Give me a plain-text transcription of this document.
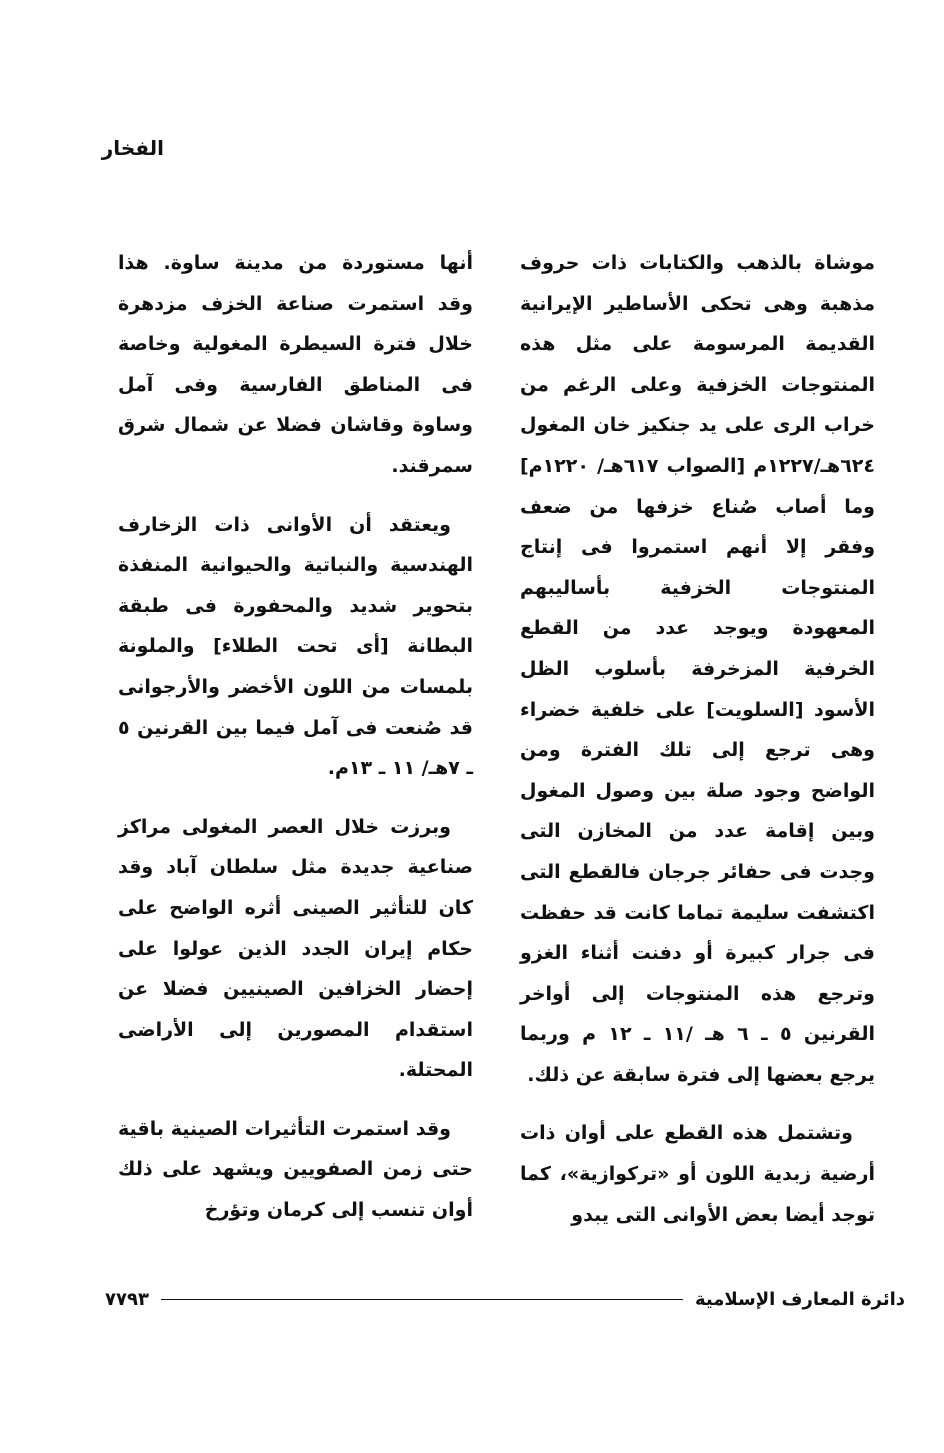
الفخار

موشاة بالذهب والكتابات ذات حروف مذهبة وهى تحكى الأساطير الإيرانية القديمة المرسومة على مثل هذه المنتوجات الخزفية وعلى الرغم من خراب الرى على يد جنكيز خان المغول ٦٢٤هـ/١٢٢٧م [الصواب ٦١٧هـ/ ١٢٢٠م] وما أصاب صُناع خزفها من ضعف وفقر إلا أنهم استمروا فى إنتاج المنتوجات الخزفية بأساليبهم المعهودة ويوجد عدد من القطع الخرفية المزخرفة بأسلوب الظل الأسود [السلويت] على خلفية خضراء وهى ترجع إلى تلك الفترة ومن الواضح وجود صلة بين وصول المغول وبين إقامة عدد من المخازن التى وجدت فى حفائر جرجان فالقطع التى اكتشفت سليمة تماما كانت قد حفظت فى جرار كبيرة أو دفنت أثناء الغزو وترجع هذه المنتوجات إلى أواخر القرنين ٥ ـ ٦ هـ /١١ ـ ١٢ م وربما يرجع بعضها إلى فترة سابقة عن ذلك.

وتشتمل هذه القطع على أوان ذات أرضية زبدية اللون أو «تركوازية»، كما توجد أيضا بعض الأوانى التى يبدو

أنها مستوردة من مدينة ساوة. هذا وقد استمرت صناعة الخزف مزدهرة خلال فترة السيطرة المغولية وخاصة فى المناطق الفارسية وفى آمل وساوة وقاشان فضلا عن شمال شرق سمرقند.

ويعتقد أن الأوانى ذات الزخارف الهندسية والنباتية والحيوانية المنفذة بتحوير شديد والمحفورة فى طبقة البطانة [أى تحت الطلاء] والملونة بلمسات من اللون الأخضر والأرجوانى قد صُنعت فى آمل فيما بين القرنين ٥ ـ ٧هـ/ ١١ ـ ١٣م.

وبرزت خلال العصر المغولى مراكز صناعية جديدة مثل سلطان آباد وقد كان للتأثير الصينى أثره الواضح على حكام إيران الجدد الذين عولوا على إحضار الخزافين الصينيين فضلا عن استقدام المصورين إلى الأراضى المحتلة.

وقد استمرت التأثيرات الصينية باقية حتى زمن الصفويين ويشهد على ذلك أوان تنسب إلى كرمان وتؤرخ

دائرة المعارف الإسلامية
٧٧٩٣
